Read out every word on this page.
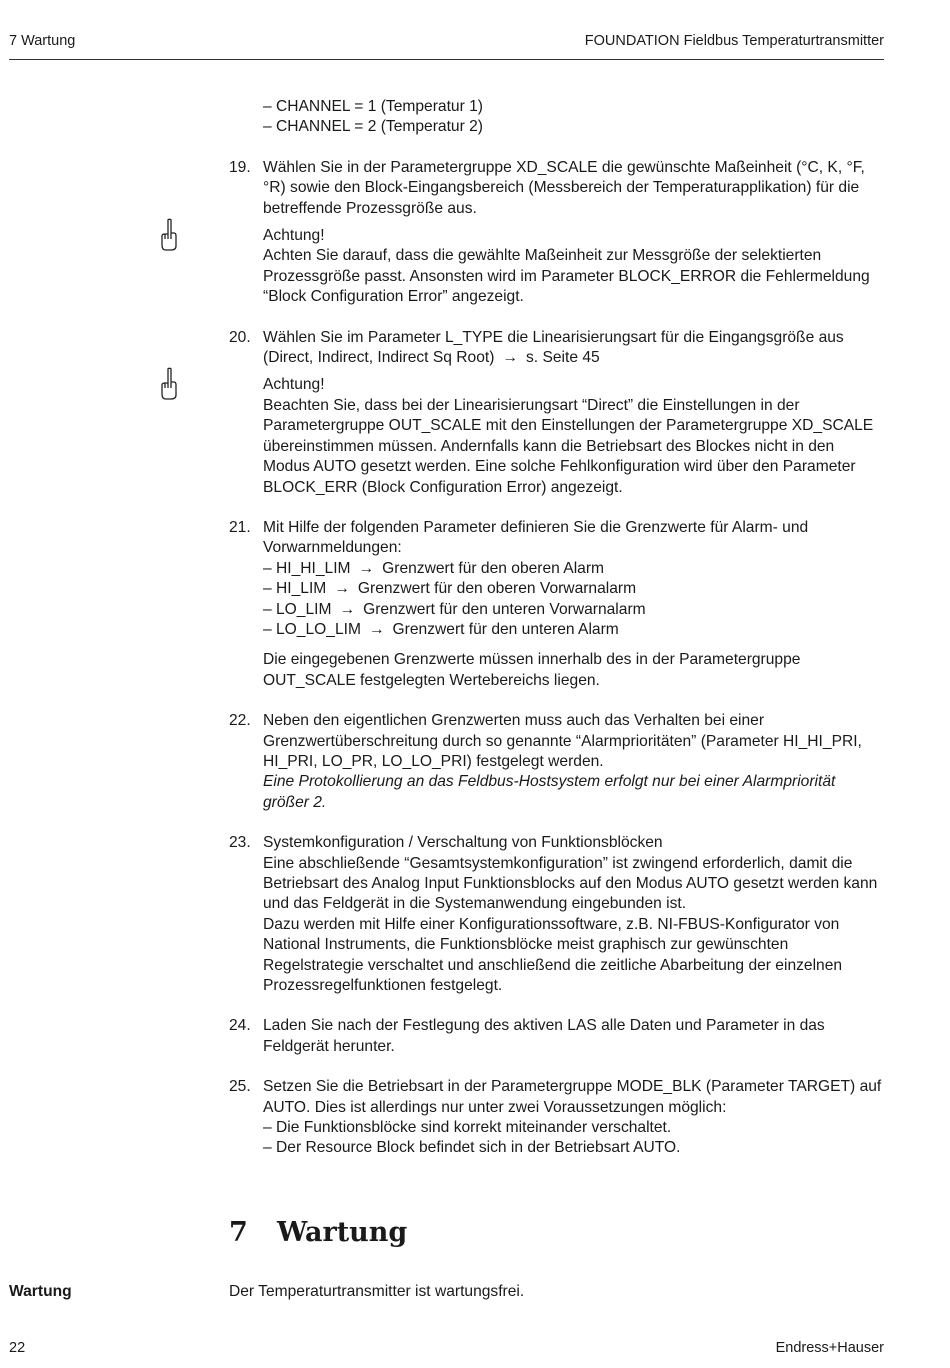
7 Wartung	FOUNDATION Fieldbus Temperaturtransmitter

– CHANNEL = 1 (Temperatur 1)

– CHANNEL = 2 (Temperatur 2)

19. Wählen Sie in der Parametergruppe XD_SCALE die gewünschte Maßeinheit (°C, K, °F, °R) sowie den Block-Eingangsbereich (Messbereich der Temperaturapplikation) für die betreffende Prozessgröße aus.

Achtung!

Achten Sie darauf, dass die gewählte Maßeinheit zur Messgröße der selektierten Prozessgröße passt. Ansonsten wird im Parameter BLOCK_ERROR die Fehlermeldung “Block Configuration Error” angezeigt.

20. Wählen Sie im Parameter L_TYPE die Linearisierungsart für die Eingangsgröße aus (Direct, Indirect, Indirect Sq Root) → s. Seite 45

Achtung!

Beachten Sie, dass bei der Linearisierungsart “Direct” die Einstellungen in der Parametergruppe OUT_SCALE mit den Einstellungen der Parametergruppe XD_SCALE übereinstimmen müssen. Andernfalls kann die Betriebsart des Blockes nicht in den Modus AUTO gesetzt werden. Eine solche Fehlkonfiguration wird über den Parameter BLOCK_ERR (Block Configuration Error) angezeigt.

21. Mit Hilfe der folgenden Parameter definieren Sie die Grenzwerte für Alarm- und Vorwarnmeldungen:

– HI_HI_LIM → Grenzwert für den oberen Alarm

– HI_LIM → Grenzwert für den oberen Vorwarnalarm

– LO_LIM → Grenzwert für den unteren Vorwarnalarm

– LO_LO_LIM → Grenzwert für den unteren Alarm

Die eingegebenen Grenzwerte müssen innerhalb des in der Parametergruppe OUT_SCALE festgelegten Wertebereichs liegen.

22. Neben den eigentlichen Grenzwerten muss auch das Verhalten bei einer Grenzwertüberschreitung durch so genannte “Alarmprioritäten” (Parameter HI_HI_PRI, HI_PRI, LO_PR, LO_LO_PRI) festgelegt werden.

Eine Protokollierung an das Feldbus-Hostsystem erfolgt nur bei einer Alarmpriorität größer 2.

23. Systemkonfiguration / Verschaltung von Funktionsblöcken

Eine abschließende “Gesamtsystemkonfiguration” ist zwingend erforderlich, damit die Betriebsart des Analog Input Funktionsblocks auf den Modus AUTO gesetzt werden kann und das Feldgerät in die Systemanwendung eingebunden ist.

Dazu werden mit Hilfe einer Konfigurationssoftware, z.B. NI-FBUS-Konfigurator von National Instruments, die Funktionsblöcke meist graphisch zur gewünschten Regelstrategie verschaltet und anschließend die zeitliche Abarbeitung der einzelnen Prozessregelfunktionen festgelegt.

24. Laden Sie nach der Festlegung des aktiven LAS alle Daten und Parameter in das Feldgerät herunter.

25. Setzen Sie die Betriebsart in der Parametergruppe MODE_BLK (Parameter TARGET) auf AUTO. Dies ist allerdings nur unter zwei Voraussetzungen möglich:

– Die Funktionsblöcke sind korrekt miteinander verschaltet.

– Der Resource Block befindet sich in der Betriebsart AUTO.

7 Wartung
Wartung	Der Temperaturtransmitter ist wartungsfrei.
22	Endress+Hauser
